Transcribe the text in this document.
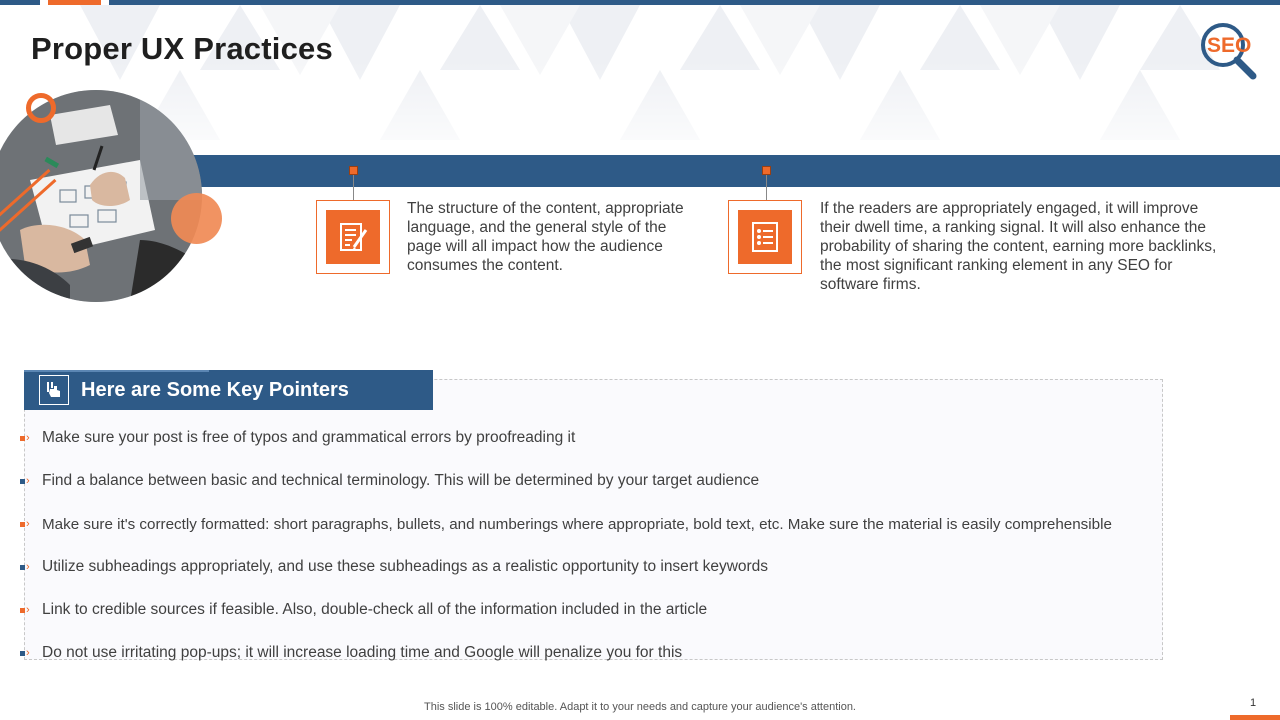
Proper UX Practices	SEO

The structure of the content, appropriate language, and the general style of the page will all impact how the audience consumes the content.

If the readers are appropriately engaged, it will improve their dwell time, a ranking signal. It will also enhance the probability of sharing the content, earning more backlinks, the most significant ranking element in any SEO for software firms.

Here are Some Key Pointers
› Make sure your post is free of typos and grammatical errors by proofreading it
› Find a balance between basic and technical terminology. This will be determined by your target audience
› Make sure it's correctly formatted: short paragraphs, bullets, and numberings where appropriate, bold text, etc. Make sure the material is easily comprehensible
› Utilize subheadings appropriately, and use these subheadings as a realistic opportunity to insert keywords
› Link to credible sources if feasible. Also, double-check all of the information included in the article
› Do not use irritating pop-ups; it will increase loading time and Google will penalize you for this

This slide is 100% editable. Adapt it to your needs and capture your audience's attention.	1
